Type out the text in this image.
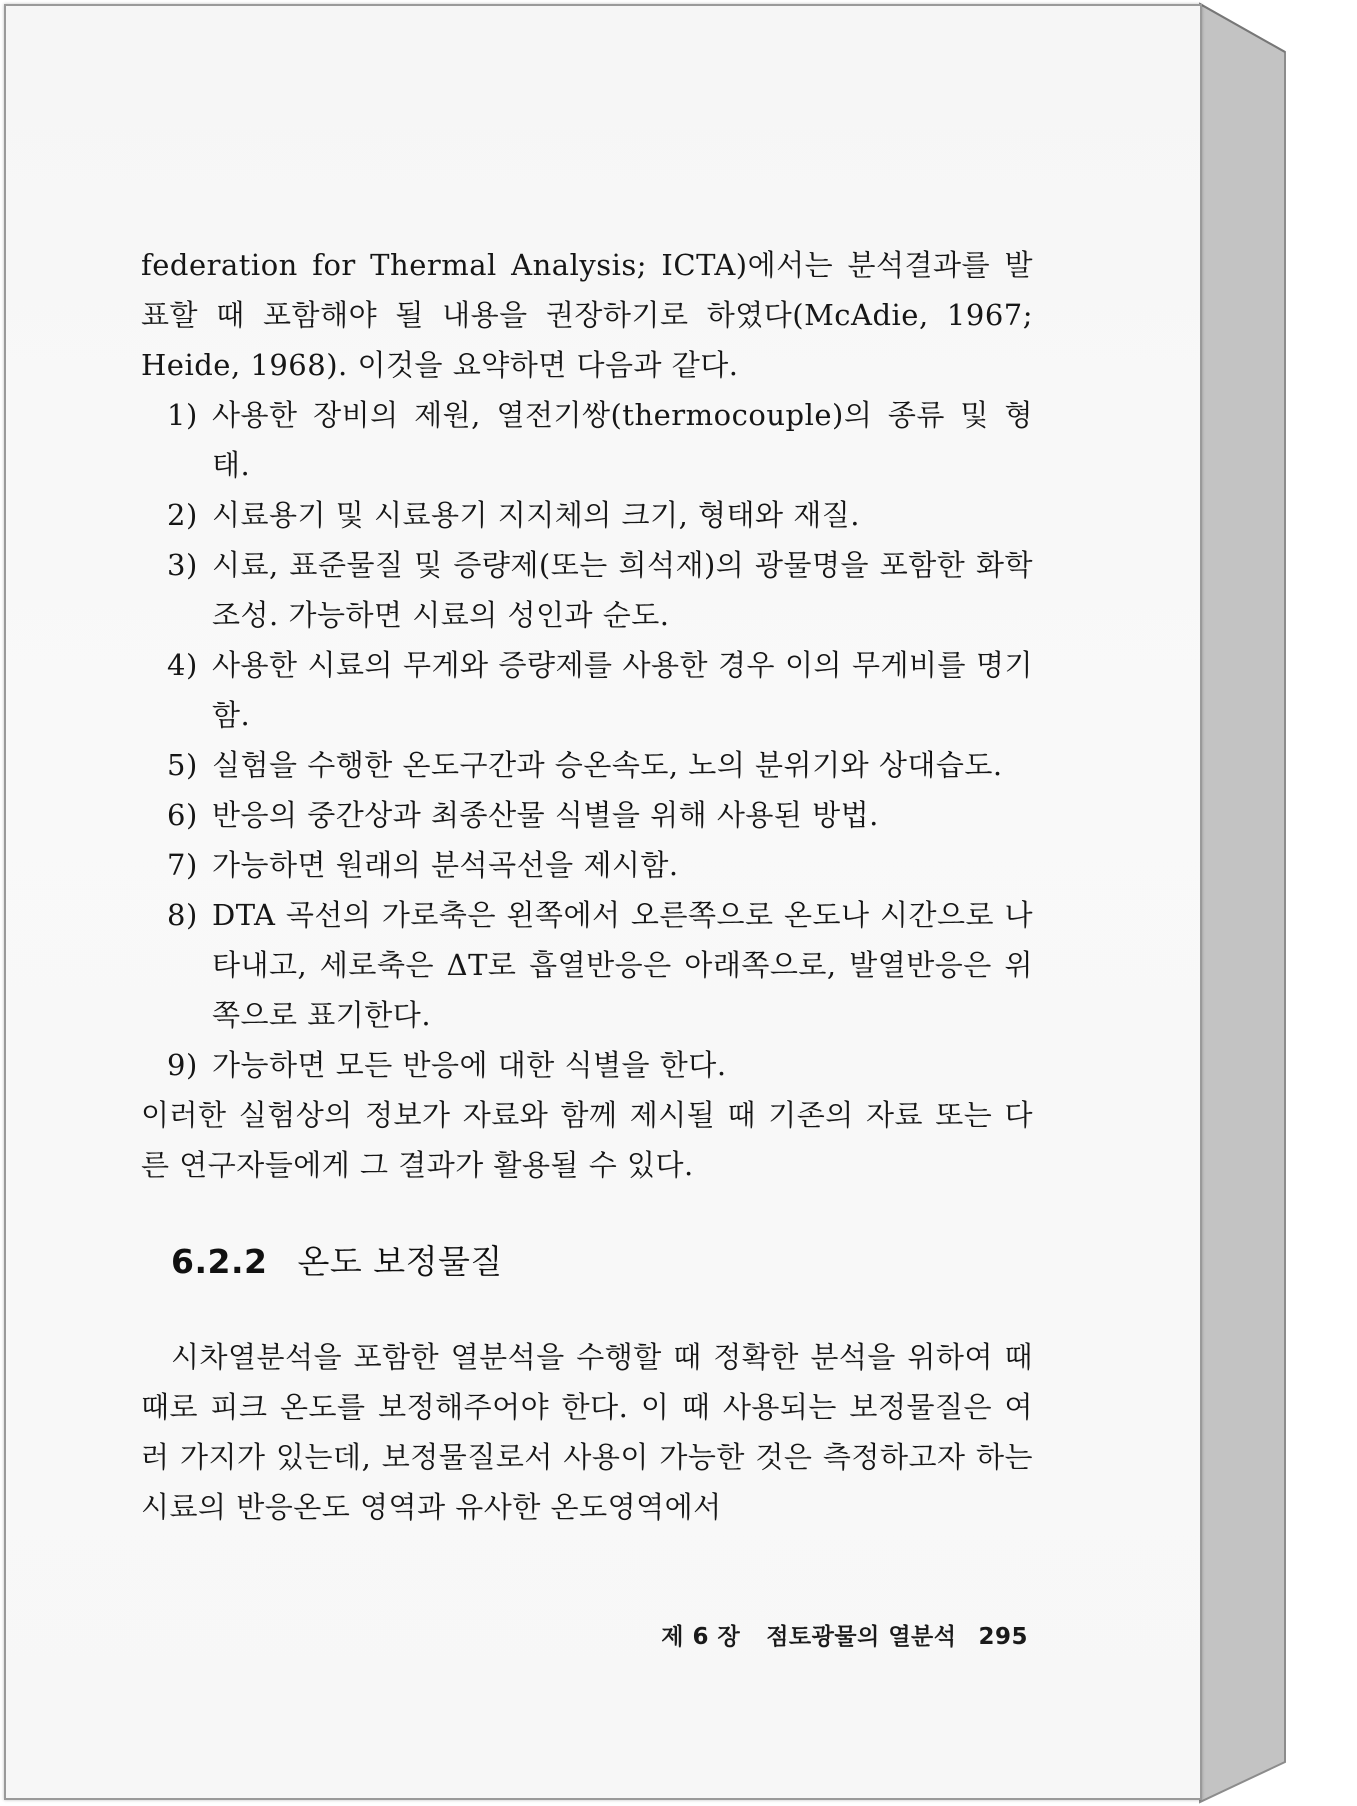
federation for Thermal Analysis; ICTA)에서는 분석결과를 발표할 때 포함해야 될 내용을 권장하기로 하였다(McAdie, 1967; Heide, 1968). 이것을 요약하면 다음과 같다.

1) 사용한 장비의 제원, 열전기쌍(thermocouple)의 종류 및 형태.
2) 시료용기 및 시료용기 지지체의 크기, 형태와 재질.
3) 시료, 표준물질 및 증량제(또는 희석재)의 광물명을 포함한 화학조성. 가능하면 시료의 성인과 순도.
4) 사용한 시료의 무게와 증량제를 사용한 경우 이의 무게비를 명기함.
5) 실험을 수행한 온도구간과 승온속도, 노의 분위기와 상대습도.
6) 반응의 중간상과 최종산물 식별을 위해 사용된 방법.
7) 가능하면 원래의 분석곡선을 제시함.
8) DTA 곡선의 가로축은 왼쪽에서 오른쪽으로 온도나 시간으로 나타내고, 세로축은 ΔT로 흡열반응은 아래쪽으로, 발열반응은 위쪽으로 표기한다.
9) 가능하면 모든 반응에 대한 식별을 한다.

이러한 실험상의 정보가 자료와 함께 제시될 때 기존의 자료 또는 다른 연구자들에게 그 결과가 활용될 수 있다.

6.2.2 온도 보정물질

시차열분석을 포함한 열분석을 수행할 때 정확한 분석을 위하여 때때로 피크 온도를 보정해주어야 한다. 이 때 사용되는 보정물질은 여러 가지가 있는데, 보정물질로서 사용이 가능한 것은 측정하고자 하는 시료의 반응온도 영역과 유사한 온도영역에서

제 6 장 점토광물의 열분석 295
